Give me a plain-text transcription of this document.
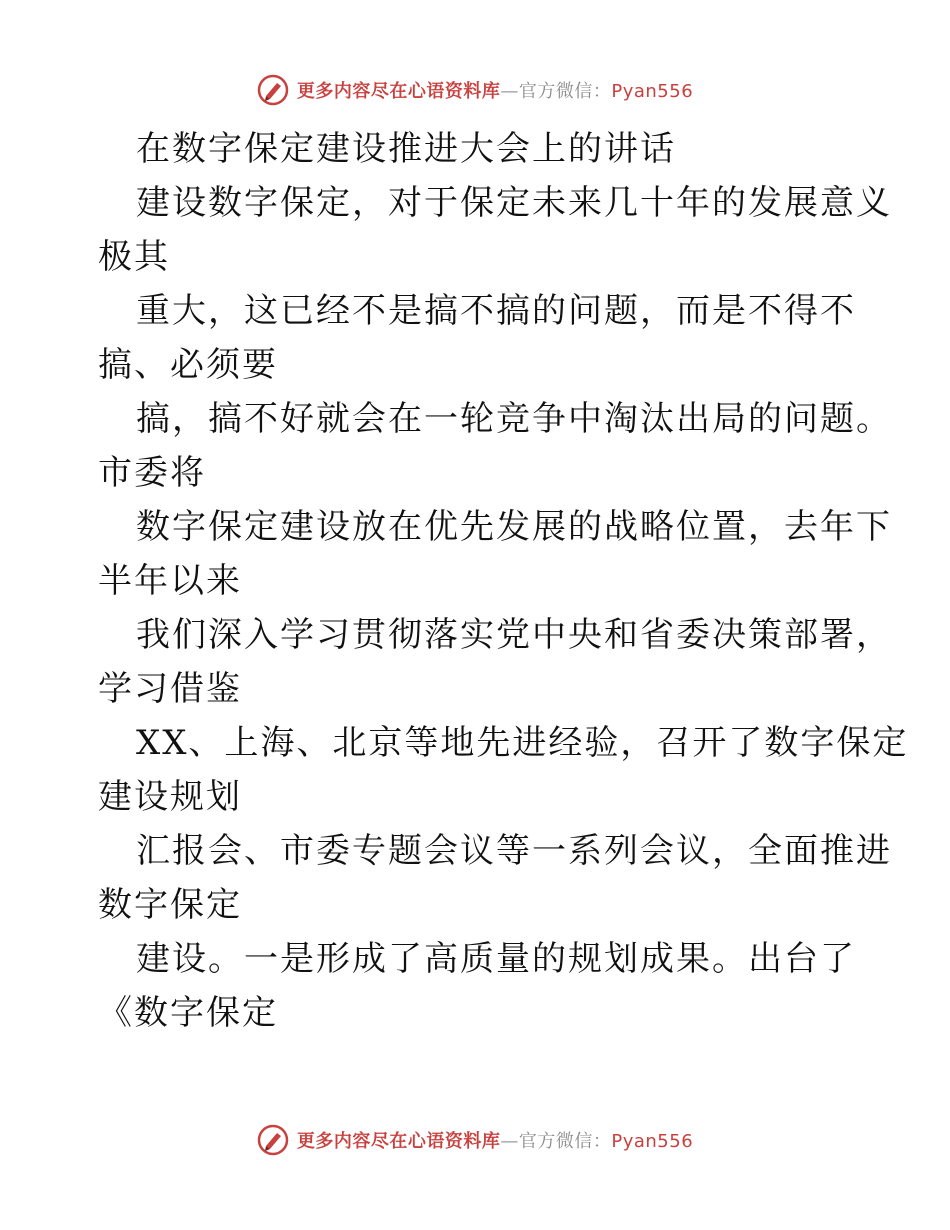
更多内容尽在心语资料库—官方微信：Pyan556
在数字保定建设推进大会上的讲话
建设数字保定，对于保定未来几十年的发展意义
极其
重大，这已经不是搞不搞的问题，而是不得不
搞、必须要
搞，搞不好就会在一轮竞争中淘汰出局的问题。
市委将
数字保定建设放在优先发展的战略位置，去年下
半年以来
我们深入学习贯彻落实党中央和省委决策部署，
学习借鉴
XX、上海、北京等地先进经验，召开了数字保定
建设规划
汇报会、市委专题会议等一系列会议，全面推进
数字保定
建设。一是形成了高质量的规划成果。出台了
《数字保定
更多内容尽在心语资料库—官方微信：Pyan556
